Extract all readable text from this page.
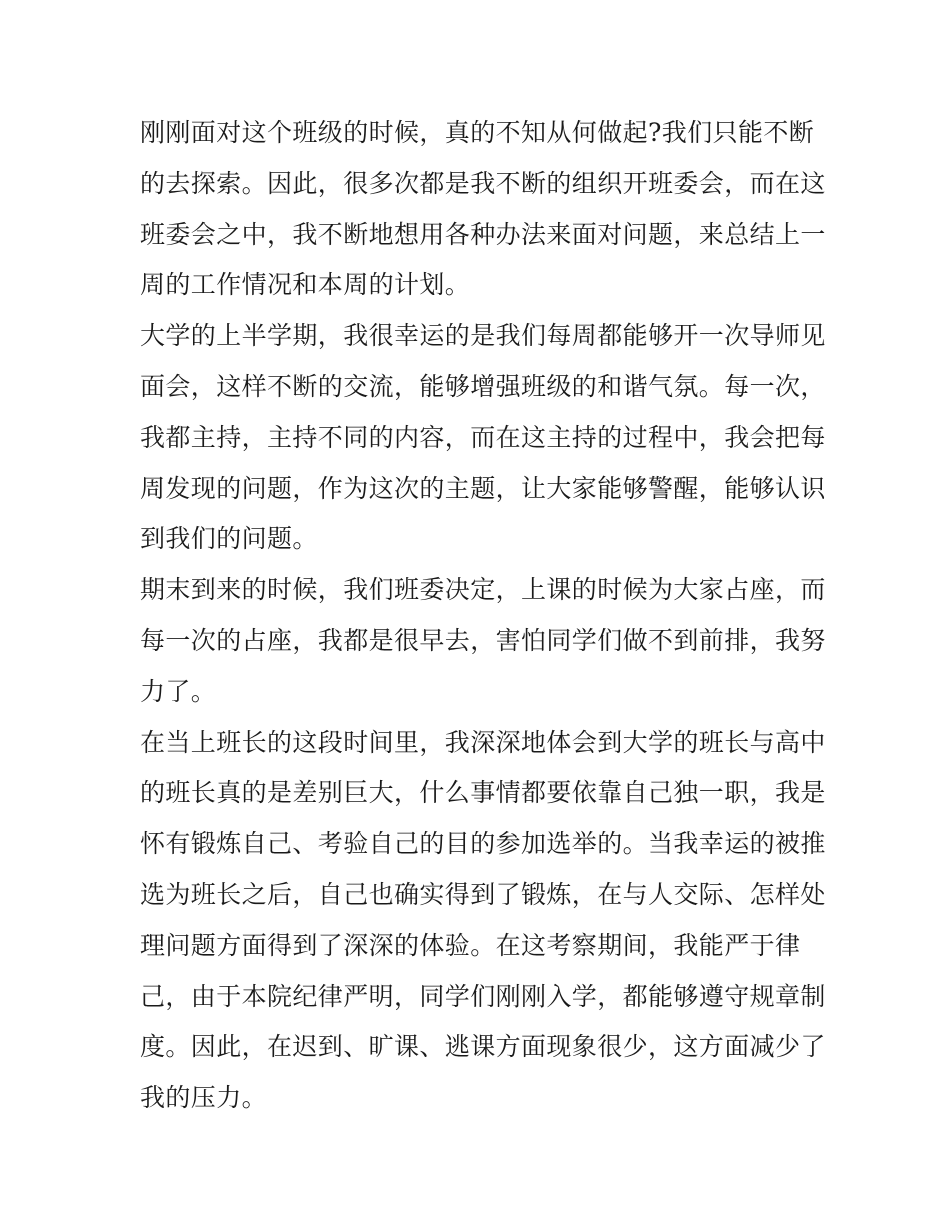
刚刚面对这个班级的时候，真的不知从何做起?我们只能不断
的去探索。因此，很多次都是我不断的组织开班委会，而在这
班委会之中，我不断地想用各种办法来面对问题，来总结上一
周的工作情况和本周的计划。
大学的上半学期，我很幸运的是我们每周都能够开一次导师见
面会，这样不断的交流，能够增强班级的和谐气氛。每一次，
我都主持，主持不同的内容，而在这主持的过程中，我会把每
周发现的问题，作为这次的主题，让大家能够警醒，能够认识
到我们的问题。
期末到来的时候，我们班委决定，上课的时候为大家占座，而
每一次的占座，我都是很早去，害怕同学们做不到前排，我努
力了。
在当上班长的这段时间里，我深深地体会到大学的班长与高中
的班长真的是差别巨大，什么事情都要依靠自己独一职，我是
怀有锻炼自己、考验自己的目的参加选举的。当我幸运的被推
选为班长之后，自己也确实得到了锻炼，在与人交际、怎样处
理问题方面得到了深深的体验。在这考察期间，我能严于律
己，由于本院纪律严明，同学们刚刚入学，都能够遵守规章制
度。因此，在迟到、旷课、逃课方面现象很少，这方面减少了
我的压力。
